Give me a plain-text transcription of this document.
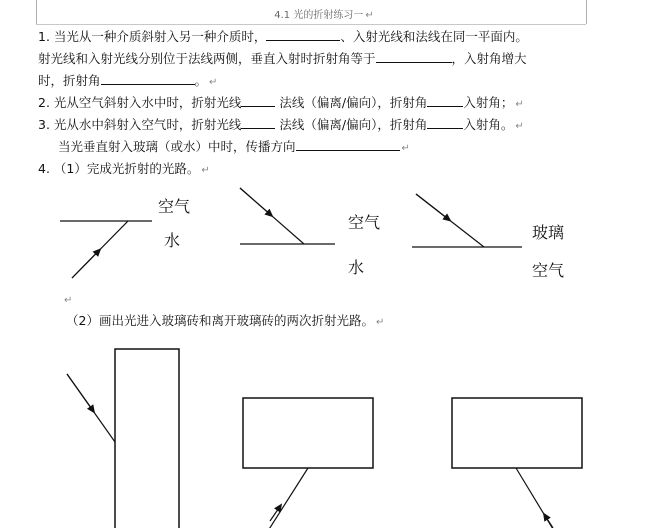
4.1 光的折射练习一 ↵
1. 当光从一种介质斜射入另一种介质时，	、入射光线和法线在同一平面内。
射光线和入射光线分别位于法线两侧，垂直入射时折射角等于	，入射角增大
时，折射角	。 ↵
2. 光从空气斜射入水中时，折射光线	法线（偏离/偏向），折射角	入射角； ↵
3. 光从水中斜射入空气时，折射光线	法线（偏离/偏向），折射角	入射角。 ↵
当光垂直射入玻璃（或水）中时，传播方向	↵
4. （1）完成光折射的光路。 ↵
空气
水
空气
水
玻璃
空气
↵
（2）画出光进入玻璃砖和离开玻璃砖的两次折射光路。 ↵
